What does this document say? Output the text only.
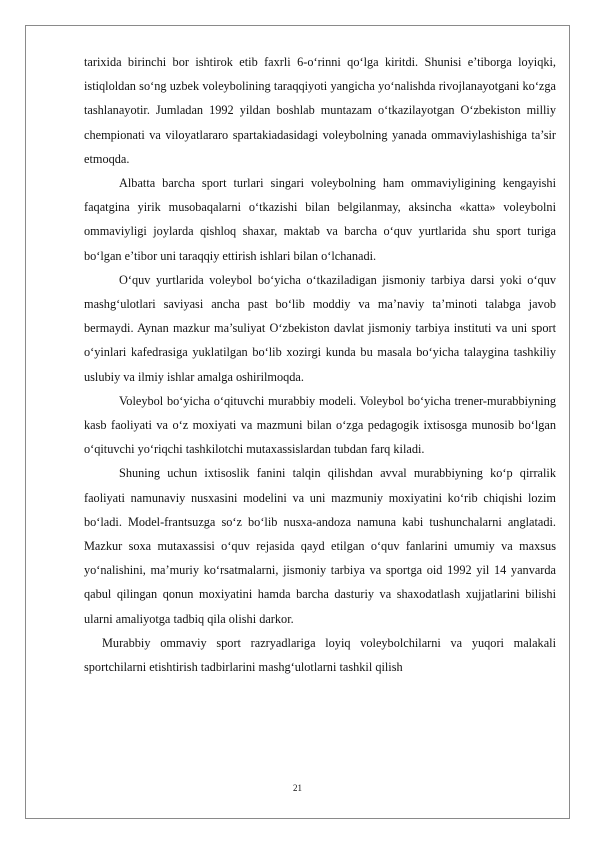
tarixida birinchi bor ishtirok etib faxrli 6-o‘rinni qo‘lga kiritdi. Shunisi e’tiborga loyiqki, istiqloldan so‘ng uzbek voleybolining taraqqiyoti yangicha yo‘nalishda rivojlanayotgani ko‘zga tashlanayotir. Jumladan 1992 yildan boshlab muntazam o‘tkazilayotgan O‘zbekiston milliy chempionati va viloyatlararo spartakiadasidagi voleybolning yanada ommaviylashishiga ta’sir etmoqda.

Albatta barcha sport turlari singari voleybolning ham ommaviyligining kengayishi faqatgina yirik musobaqalarni o‘tkazishi bilan belgilanmay, aksincha «katta» voleybolni ommaviyligi joylarda qishloq shaxar, maktab va barcha o‘quv yurtlarida shu sport turiga bo‘lgan e’tibor uni taraqqiy ettirish ishlari bilan o‘lchanadi.

O‘quv yurtlarida voleybol bo‘yicha o‘tkaziladigan jismoniy tarbiya darsi yoki o‘quv mashg‘ulotlari saviyasi ancha past bo‘lib moddiy va ma’naviy ta’minoti talabga javob bermaydi. Aynan mazkur ma’suliyat O‘zbekiston davlat jismoniy tarbiya instituti va uni sport o‘yinlari kafedrasiga yuklatilgan bo‘lib xozirgi kunda bu masala bo‘yicha talaygina tashkiliy uslubiy va ilmiy ishlar amalga oshirilmoqda.

Voleybol bo‘yicha o‘qituvchi murabbiy modeli. Voleybol bo‘yicha trener-murabbiyning kasb faoliyati va o‘z moxiyati va mazmuni bilan o‘zga pedagogik ixtisosga munosib bo‘lgan o‘qituvchi yo‘riqchi tashkilotchi mutaxassislardan tubdan farq kiladi.

Shuning uchun ixtisoslik fanini talqin qilishdan avval murabbiyning ko‘p qirralik faoliyati namunaviy nusxasini modelini va uni mazmuniy moxiyatini ko‘rib chiqishi lozim bo‘ladi. Model-frantsuzga so‘z bo‘lib nusxa-andoza namuna kabi tushunchalarni anglatadi. Mazkur soxa mutaxassisi o‘quv rejasida qayd etilgan o‘quv fanlarini umumiy va maxsus yo‘nalishini, ma’muriy ko‘rsatmalarni, jismoniy tarbiya va sportga oid 1992 yil 14 yanvarda qabul qilingan qonun moxiyatini hamda barcha dasturiy va shaxodatlash xujjatlarini bilishi ularni amaliyotga tadbiq qila olishi darkor.

Murabbiy ommaviy sport razryadlariga loyiq voleybolchilarni va yuqori malakali sportchilarni etishtirish tadbirlarini mashg‘ulotlarni tashkil qilish

21
